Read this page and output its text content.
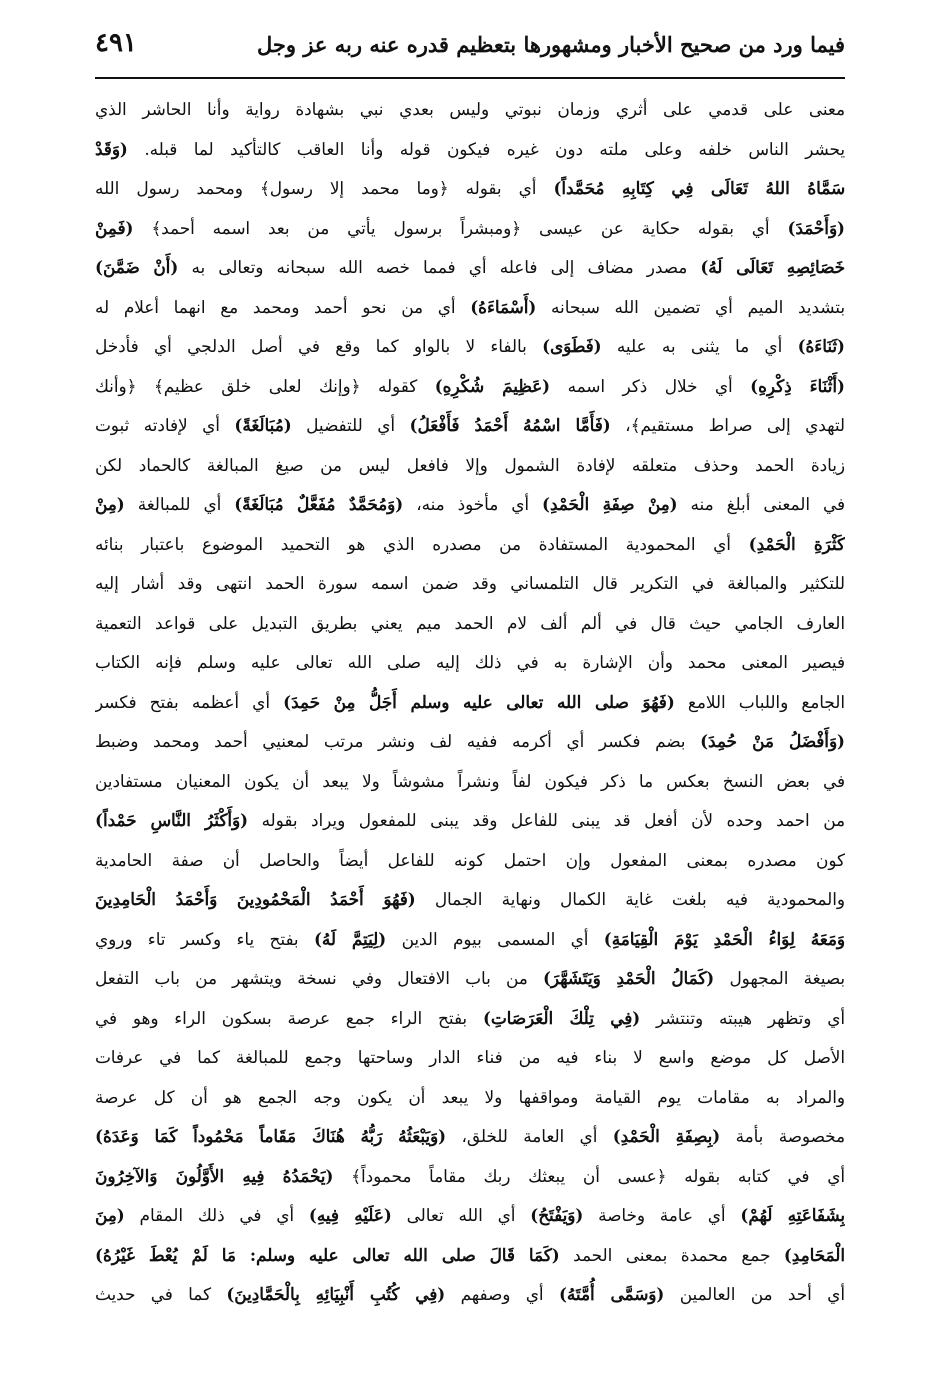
فيما ورد من صحيح الأخبار ومشهورها بتعظيم قدره عنه ربه عز وجل
٤٩١
معنى على قدمي على أثري وزمان نبوتي وليس بعدي نبي بشهادة رواية وأنا الحاشر الذي
يحشر الناس خلفه وعلى ملته دون غيره فيكون قوله وأنا العاقب كالتأكيد لما قبله. (وَقَدْ
سَمَّاهُ اللهُ تَعَالَى فِي كِتَابِهِ مُحَمَّداً) أي بقوله ﴿وما محمد إلا رسول﴾ ومحمد رسول الله
(وَأَحْمَدَ) أي بقوله حكاية عن عيسى ﴿ومبشراً برسول يأتي من بعد اسمه أحمد﴾ (فَمِنْ
خَصَائِصِهِ تَعَالَى لَهُ) مصدر مضاف إلى فاعله أي فمما خصه الله سبحانه وتعالى به (أَنْ ضَمَّنَ)
بتشديد الميم أي تضمين الله سبحانه (أَسْمَاءَهُ) أي من نحو أحمد ومحمد مع انهما أعلام له
(ثَنَاءَهُ) أي ما يثنى به عليه (فَطَوَى) بالفاء لا بالواو كما وقع في أصل الدلجي أي فأدخل
(أَثْنَاءَ ذِكْرِهِ) أي خلال ذكر اسمه (عَظِيمَ شُكْرِهِ) كقوله ﴿وإنك لعلى خلق عظيم﴾ ﴿وأنك
لتهدي إلى صراط مستقيم﴾، (فَأَمَّا اسْمُهُ أَحْمَدُ فَأَفْعَلُ) أي للتفضيل (مُبَالَغَةً) أي لإفادته ثبوت
زيادة الحمد وحذف متعلقه لإفادة الشمول وإلا فافعل ليس من صيغ المبالغة كالحماد لكن
في المعنى أبلغ منه (مِنْ صِفَةِ الْحَمْدِ) أي مأخوذ منه، (وَمُحَمَّدٌ مُفَعَّلٌ مُبَالَغَةً) أي للمبالغة (مِنْ
كَثْرَةِ الْحَمْدِ) أي المحمودية المستفادة من مصدره الذي هو التحميد الموضوع باعتبار بنائه
للتكثير والمبالغة في التكرير قال التلمساني وقد ضمن اسمه سورة الحمد انتهى وقد أشار إليه
العارف الجامي حيث قال في ألم ألف لام الحمد ميم يعني بطريق التبديل على قواعد التعمية
فيصير المعنى محمد وأن الإشارة به في ذلك إليه صلى الله تعالى عليه وسلم فإنه الكتاب
الجامع واللباب اللامع (فَهُوَ صلى الله تعالى عليه وسلم أَجَلُّ مِنْ حَمِدَ) أي أعظمه بفتح فكسر
(وَأَفْضَلُ مَنْ حُمِدَ) بضم فكسر أي أكرمه ففيه لف ونشر مرتب لمعنيي أحمد ومحمد وضبط
في بعض النسخ بعكس ما ذكر فيكون لفاً ونشراً مشوشاً ولا يبعد أن يكون المعنيان مستفادين
من احمد وحده لأن أفعل قد يبنى للفاعل وقد يبنى للمفعول ويراد بقوله (وَأَكْثَرُ النَّاسِ حَمْداً)
كون مصدره بمعنى المفعول وإن احتمل كونه للفاعل أيضاً والحاصل أن صفة الحامدية
والمحمودية فيه بلغت غاية الكمال ونهاية الجمال (فَهُوَ أَحْمَدُ الْمَحْمُودِينَ وَأَحْمَدُ الْحَامِدِينَ
وَمَعَهُ لِوَاءُ الْحَمْدِ يَوْمَ الْقِيَامَةِ) أي المسمى بيوم الدين (لِيَتِمَّ لَهُ) بفتح ياء وكسر تاء وروي
بصيغة المجهول (كَمَالُ الْحَمْدِ وَيَتَشَهَّرَ) من باب الافتعال وفي نسخة ويتشهر من باب التفعل
أي وتظهر هيبته وتنتشر (فِي تِلْكَ الْعَرَصَاتِ) بفتح الراء جمع عرصة بسكون الراء وهو في
الأصل كل موضع واسع لا بناء فيه من فناء الدار وساحتها وجمع للمبالغة كما في عرفات
والمراد به مقامات يوم القيامة ومواقفها ولا يبعد أن يكون وجه الجمع هو أن كل عرصة
مخصوصة بأمة (بِصِفَةِ الْحَمْدِ) أي العامة للخلق، (وَيَبْعَثُهُ رَبُّهُ هُنَاكَ مَقَاماً مَحْمُوداً كَمَا وَعَدَهُ)
أي في كتابه بقوله ﴿عسى أن يبعثك ربك مقاماً محموداً﴾ (يَحْمَدُهُ فِيهِ الأَوَّلُونَ وَالآخِرُونَ
بِشَفَاعَتِهِ لَهُمْ) أي عامة وخاصة (وَيَفْتَحُ) أي الله تعالى (عَلَيْهِ فِيهِ) أي في ذلك المقام (مِنَ
الْمَحَامِدِ) جمع محمدة بمعنى الحمد (كَمَا قَالَ صلى الله تعالى عليه وسلم: مَا لَمْ يُعْطَ غَيْرُهُ)
أي أحد من العالمين (وَسَمَّى أُمَّتَهُ) أي وصفهم (فِي كُتُبِ أَنْبِيَائِهِ بِالْحَمَّادِينَ) كما في حديث
